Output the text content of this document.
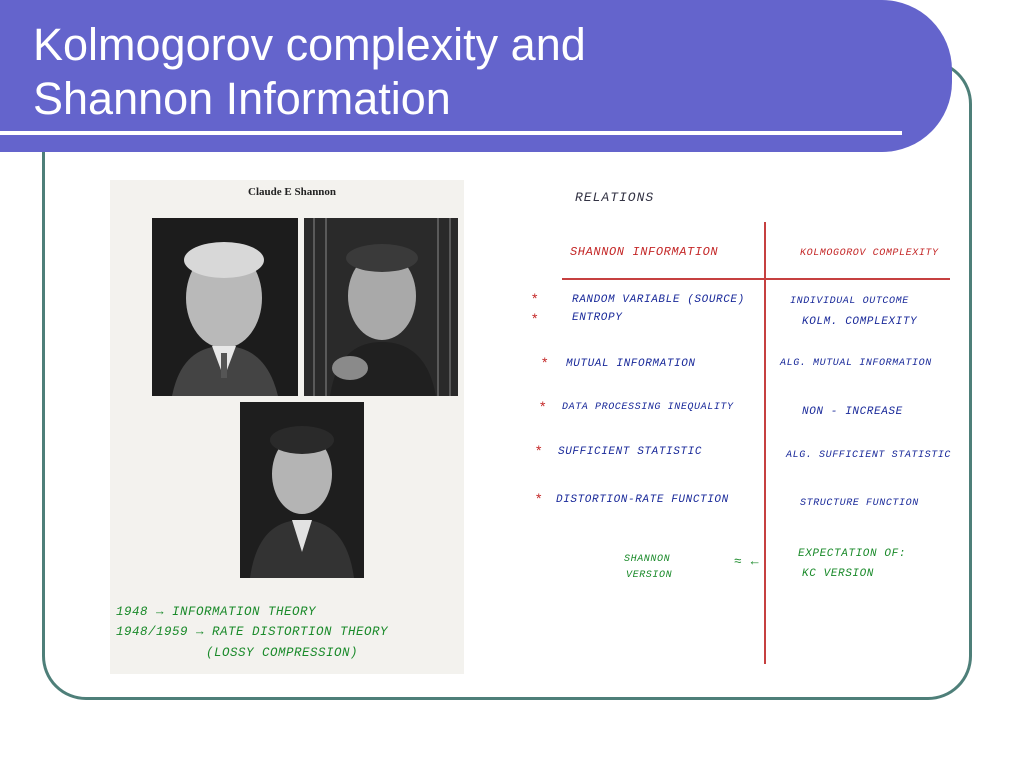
Kolmogorov complexity and
Shannon Information
Claude E Shannon
1948 → INFORMATION THEORY
1948/1959 → RATE DISTORTION THEORY
(LOSSY COMPRESSION)
RELATIONS
SHANNON INFORMATION	KOLMOGOROV COMPLEXITY
*
*
*
*
*
*
RANDOM VARIABLE (SOURCE)
ENTROPY
MUTUAL INFORMATION
DATA PROCESSING INEQUALITY
SUFFICIENT STATISTIC
DISTORTION-RATE FUNCTION
INDIVIDUAL OUTCOME
KOLM. COMPLEXITY
ALG. MUTUAL INFORMATION
NON - INCREASE
ALG. SUFFICIENT STATISTIC
STRUCTURE FUNCTION
SHANNON
VERSION
≈ ←	EXPECTATION OF:
KC VERSION
